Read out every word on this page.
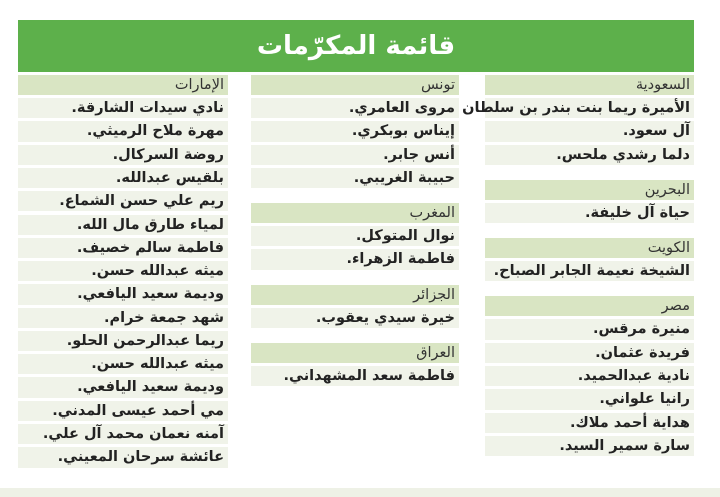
قائمة المكرّمات
الإمارات
نادي سيدات الشارقة.
مهرة ملاح الرميثي.
روضة السركال.
بلقيس عبدالله.
ريم علي حسن الشماع.
لمياء طارق مال الله.
فاطمة سالم خصيف.
ميثه عبدالله حسن.
وديمة سعيد اليافعي.
شهد جمعة خرام.
ريما عبدالرحمن الحلو.
ميثه عبدالله حسن.
وديمة سعيد اليافعي.
مي أحمد عيسى المدني.
آمنه نعمان محمد آل علي.
عائشة سرحان المعيني.
تونس
مروى العامري.
إيناس بوبكري.
أنس جابر.
حبيبة الغريبي.
المغرب
نوال المتوكل.
فاطمة الزهراء.
الجزائر
خيرة سيدي يعقوب.
العراق
فاطمة سعد المشهداني.
السعودية
الأميرة ريما بنت بندر بن سلطان
آل سعود.
دلما رشدي ملحس.
البحرين
حياة آل خليفة.
الكويت
الشيخة نعيمة الجابر الصباح.
مصر
منيرة مرقس.
فريدة عثمان.
نادية عبدالحميد.
رانيا علواني.
هداية أحمد ملاك.
سارة سمير السيد.
